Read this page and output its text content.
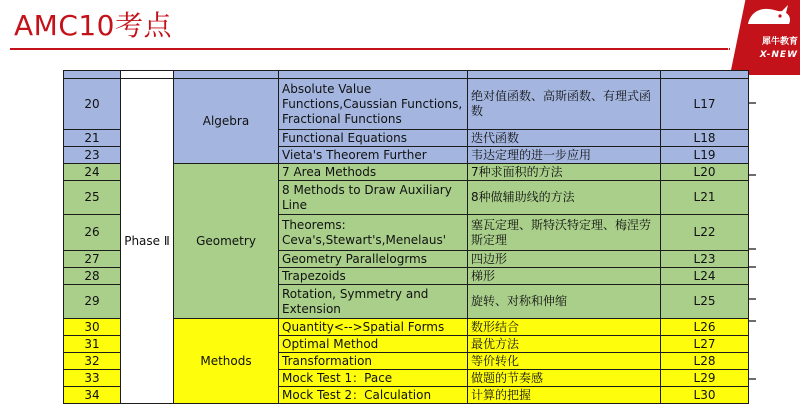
AMC10考点	犀牛教育
X-NEW

20	Phase Ⅱ	Algebra	Absolute Value Functions,Caussian Functions, Fractional Functions	绝对值函数、高斯函数、有理式函数	L17
21			Functional Equations	迭代函数	L18
23			Vieta's Theorem Further	韦达定理的进一步应用	L19
24		Geometry	7 Area Methods	7种求面积的方法	L20
25			8 Methods to Draw Auxiliary Line	8种做辅助线的方法	L21
26			Theorems: Ceva's,Stewart's,Menelaus'	塞瓦定理、斯特沃特定理、梅涅劳斯定理	L22
27			Geometry Parallelogrms	四边形	L23
28			Trapezoids	梯形	L24
29			Rotation, Symmetry and Extension	旋转、对称和伸缩	L25
30		Methods	Quantity<-->Spatial Forms	数形结合	L26
31			Optimal Method	最优方法	L27
32			Transformation	等价转化	L28
33			Mock Test 1：Pace	做题的节奏感	L29
34			Mock Test 2：Calculation	计算的把握	L30
